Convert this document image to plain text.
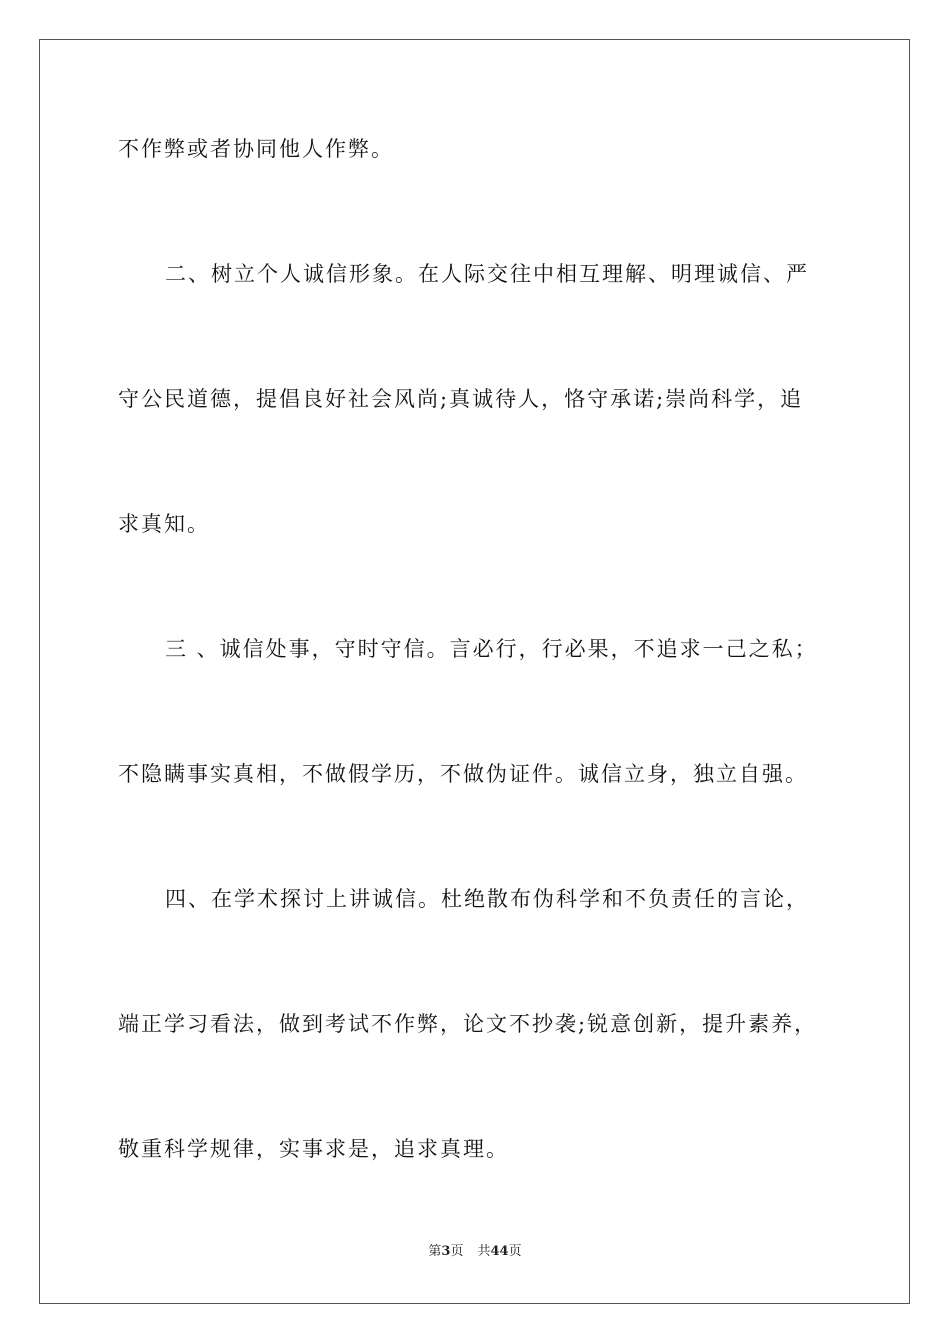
不作弊或者协同他人作弊。
二、树立个人诚信形象。在人际交往中相互理解、明理诚信、严
守公民道德，提倡良好社会风尚;真诚待人，恪守承诺;崇尚科学，追
求真知。
三 、诚信处事，守时守信。言必行，行必果，不追求一己之私；
不隐瞒事实真相，不做假学历，不做伪证件。诚信立身，独立自强。
四、在学术探讨上讲诚信。杜绝散布伪科学和不负责任的言论，
端正学习看法，做到考试不作弊，论文不抄袭;锐意创新，提升素养，
敬重科学规律，实事求是，追求真理。
第3页 共44页
